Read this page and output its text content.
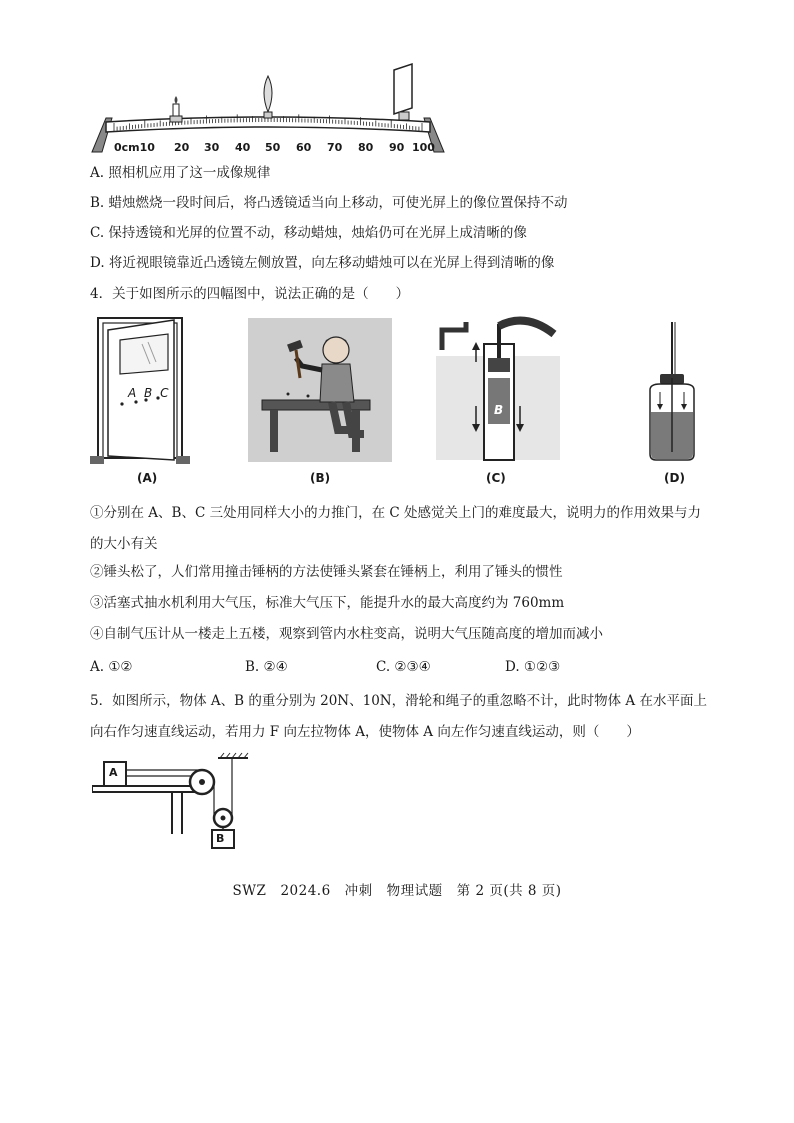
0cm10 20 30 40 50 60 70 80 90 100
A. 照相机应用了这一成像规律
B. 蜡烛燃烧一段时间后，将凸透镜适当向上移动，可使光屏上的像位置保持不动
C. 保持透镜和光屏的位置不动，移动蜡烛，烛焰仍可在光屏上成清晰的像
D. 将近视眼镜靠近凸透镜左侧放置，向左移动蜡烛可以在光屏上得到清晰的像
4．关于如图所示的四幅图中，说法正确的是（　　）
A B C
B
(A)	(B)	(C)	(D)
①分别在 A、B、C 三处用同样大小的力推门，在 C 处感觉关上门的难度最大，说明力的作用效果与力的大小有关
②锤头松了，人们常用撞击锤柄的方法使锤头紧套在锤柄上，利用了锤头的惯性
③活塞式抽水机利用大气压，标准大气压下，能提升水的最大高度约为 760mm
④自制气压计从一楼走上五楼，观察到管内水柱变高，说明大气压随高度的增加而减小
A. ①②	B. ②④	C. ②③④	D. ①②③
5．如图所示，物体 A、B 的重分别为 20N、10N，滑轮和绳子的重忽略不计，此时物体 A 在水平面上向右作匀速直线运动，若用力 F 向左拉物体 A，使物体 A 向左作匀速直线运动，则（　　）
A
B
SWZ　2024.6　冲刺　物理试题　第 2 页(共 8 页)
